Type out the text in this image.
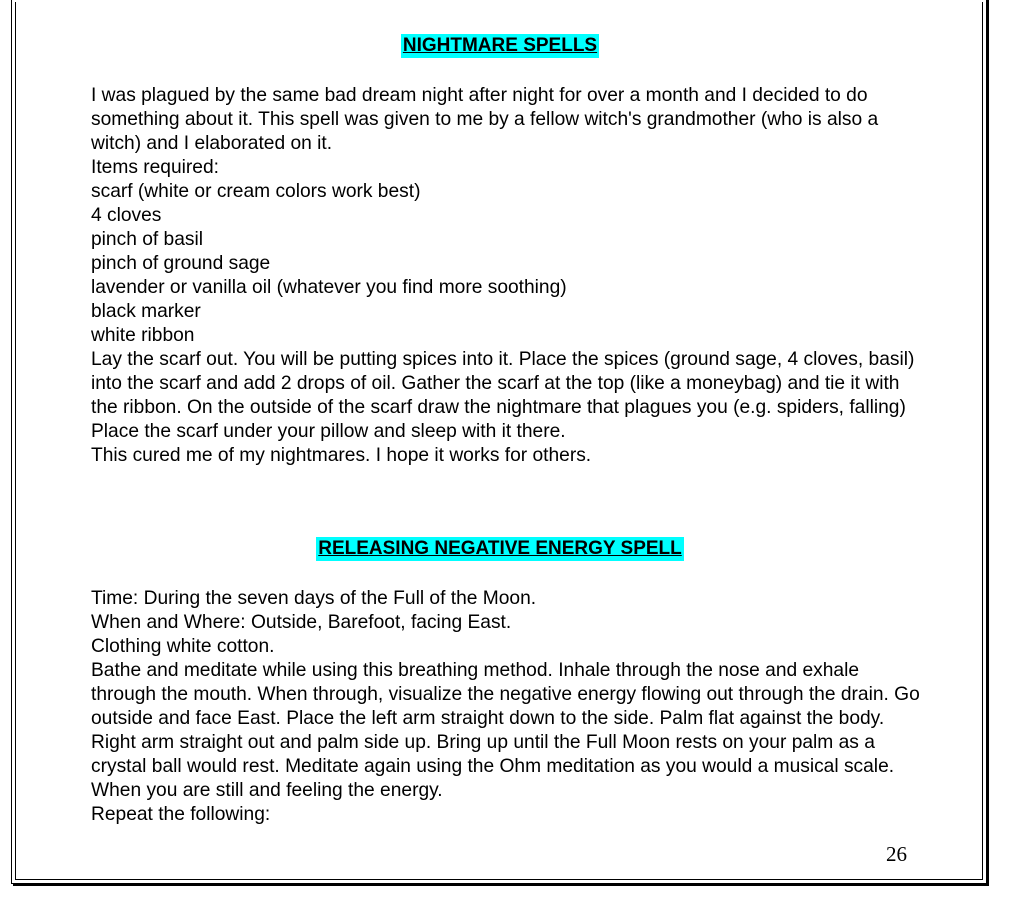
NIGHTMARE SPELLS

I was plagued by the same bad dream night after night for over a month and I decided to do something about it. This spell was given to me by a fellow witch's grandmother (who is also a witch) and I elaborated on it.

Items required:

scarf (white or cream colors work best)

4 cloves

pinch of basil

pinch of ground sage

lavender or vanilla oil (whatever you find more soothing)

black marker

white ribbon

Lay the scarf out. You will be putting spices into it. Place the spices (ground sage, 4 cloves, basil) into the scarf and add 2 drops of oil. Gather the scarf at the top (like a moneybag) and tie it with the ribbon. On the outside of the scarf draw the nightmare that plagues you (e.g. spiders, falling)

Place the scarf under your pillow and sleep with it there.

This cured me of my nightmares. I hope it works for others.

RELEASING NEGATIVE ENERGY SPELL

Time: During the seven days of the Full of the Moon.

When and Where: Outside, Barefoot, facing East.

Clothing white cotton.

Bathe and meditate while using this breathing method. Inhale through the nose and exhale through the mouth. When through, visualize the negative energy flowing out through the drain. Go outside and face East. Place the left arm straight down to the side. Palm flat against the body. Right arm straight out and palm side up. Bring up until the Full Moon rests on your palm as a crystal ball would rest. Meditate again using the Ohm meditation as you would a musical scale. When you are still and feeling the energy.

Repeat the following:

26
